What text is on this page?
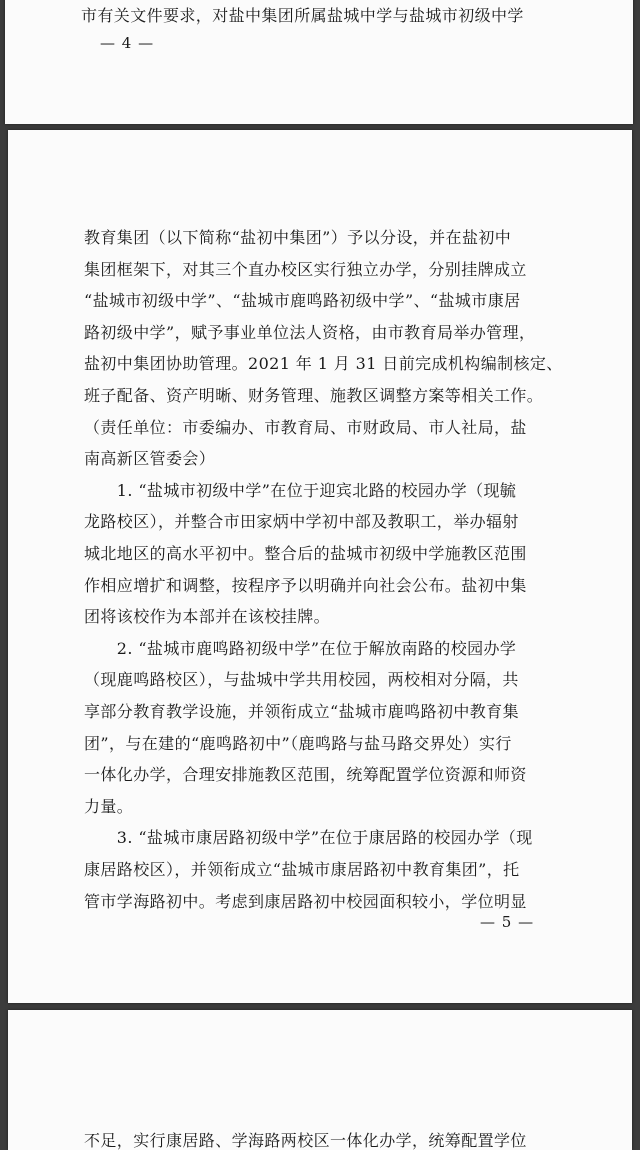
市有关文件要求，对盐中集团所属盐城中学与盐城市初级中学
— 4 —
教育集团（以下简称“盐初中集团”）予以分设，并在盐初中
集团框架下，对其三个直办校区实行独立办学，分别挂牌成立
“盐城市初级中学”、“盐城市鹿鸣路初级中学”、“盐城市康居
路初级中学”，赋予事业单位法人资格，由市教育局举办管理，
盐初中集团协助管理。2021 年 1 月 31 日前完成机构编制核定、
班子配备、资产明晰、财务管理、施教区调整方案等相关工作。
（责任单位：市委编办、市教育局、市财政局、市人社局，盐
南高新区管委会）
　　1. “盐城市初级中学”在位于迎宾北路的校园办学（现毓
龙路校区），并整合市田家炳中学初中部及教职工，举办辐射
城北地区的高水平初中。整合后的盐城市初级中学施教区范围
作相应增扩和调整，按程序予以明确并向社会公布。盐初中集
团将该校作为本部并在该校挂牌。
　　2. “盐城市鹿鸣路初级中学”在位于解放南路的校园办学
（现鹿鸣路校区），与盐城中学共用校园，两校相对分隔，共
享部分教育教学设施，并领衔成立“盐城市鹿鸣路初中教育集
团”，与在建的“鹿鸣路初中”（鹿鸣路与盐马路交界处）实行
一体化办学，合理安排施教区范围，统筹配置学位资源和师资
力量。
　　3. “盐城市康居路初级中学”在位于康居路的校园办学（现
康居路校区），并领衔成立“盐城市康居路初中教育集团”，托
管市学海路初中。考虑到康居路初中校园面积较小，学位明显
— 5 —
不足，实行康居路、学海路两校区一体化办学，统筹配置学位
